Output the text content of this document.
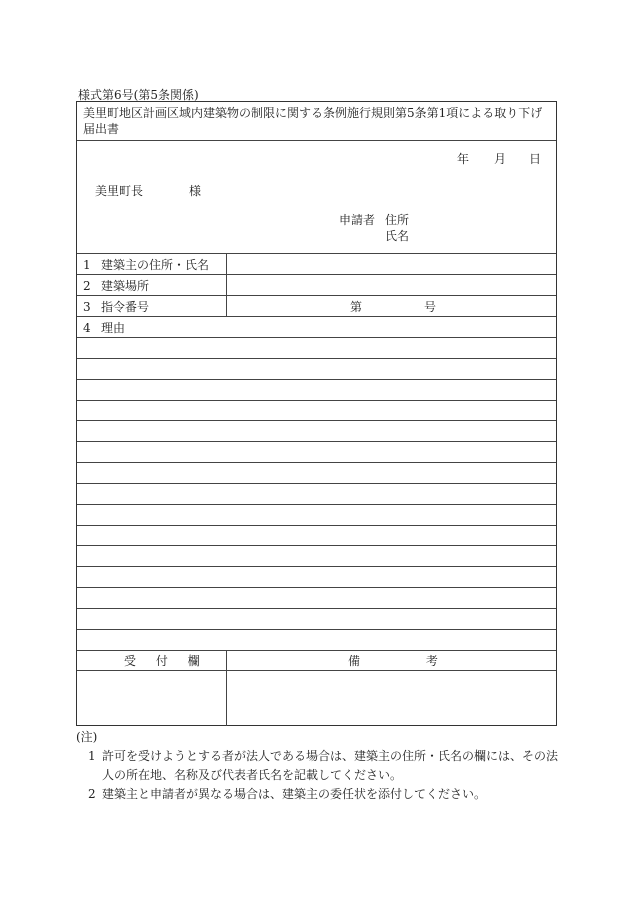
様式第6号(第5条関係)
美里町地区計画区域内建築物の制限に関する条例施行規則第5条第1項による取り下げ届出書
年 月 日
美里町長	様
申請者 住所
氏名
1 建築主の住所・氏名
2 建築場所
3 指令番号	第	号
4 理由
受 付 欄	備 考
(注)
1 許可を受けようとする者が法人である場合は、建築主の住所・氏名の欄には、その法人の所在地、名称及び代表者氏名を記載してください。
2 建築主と申請者が異なる場合は、建築主の委任状を添付してください。
